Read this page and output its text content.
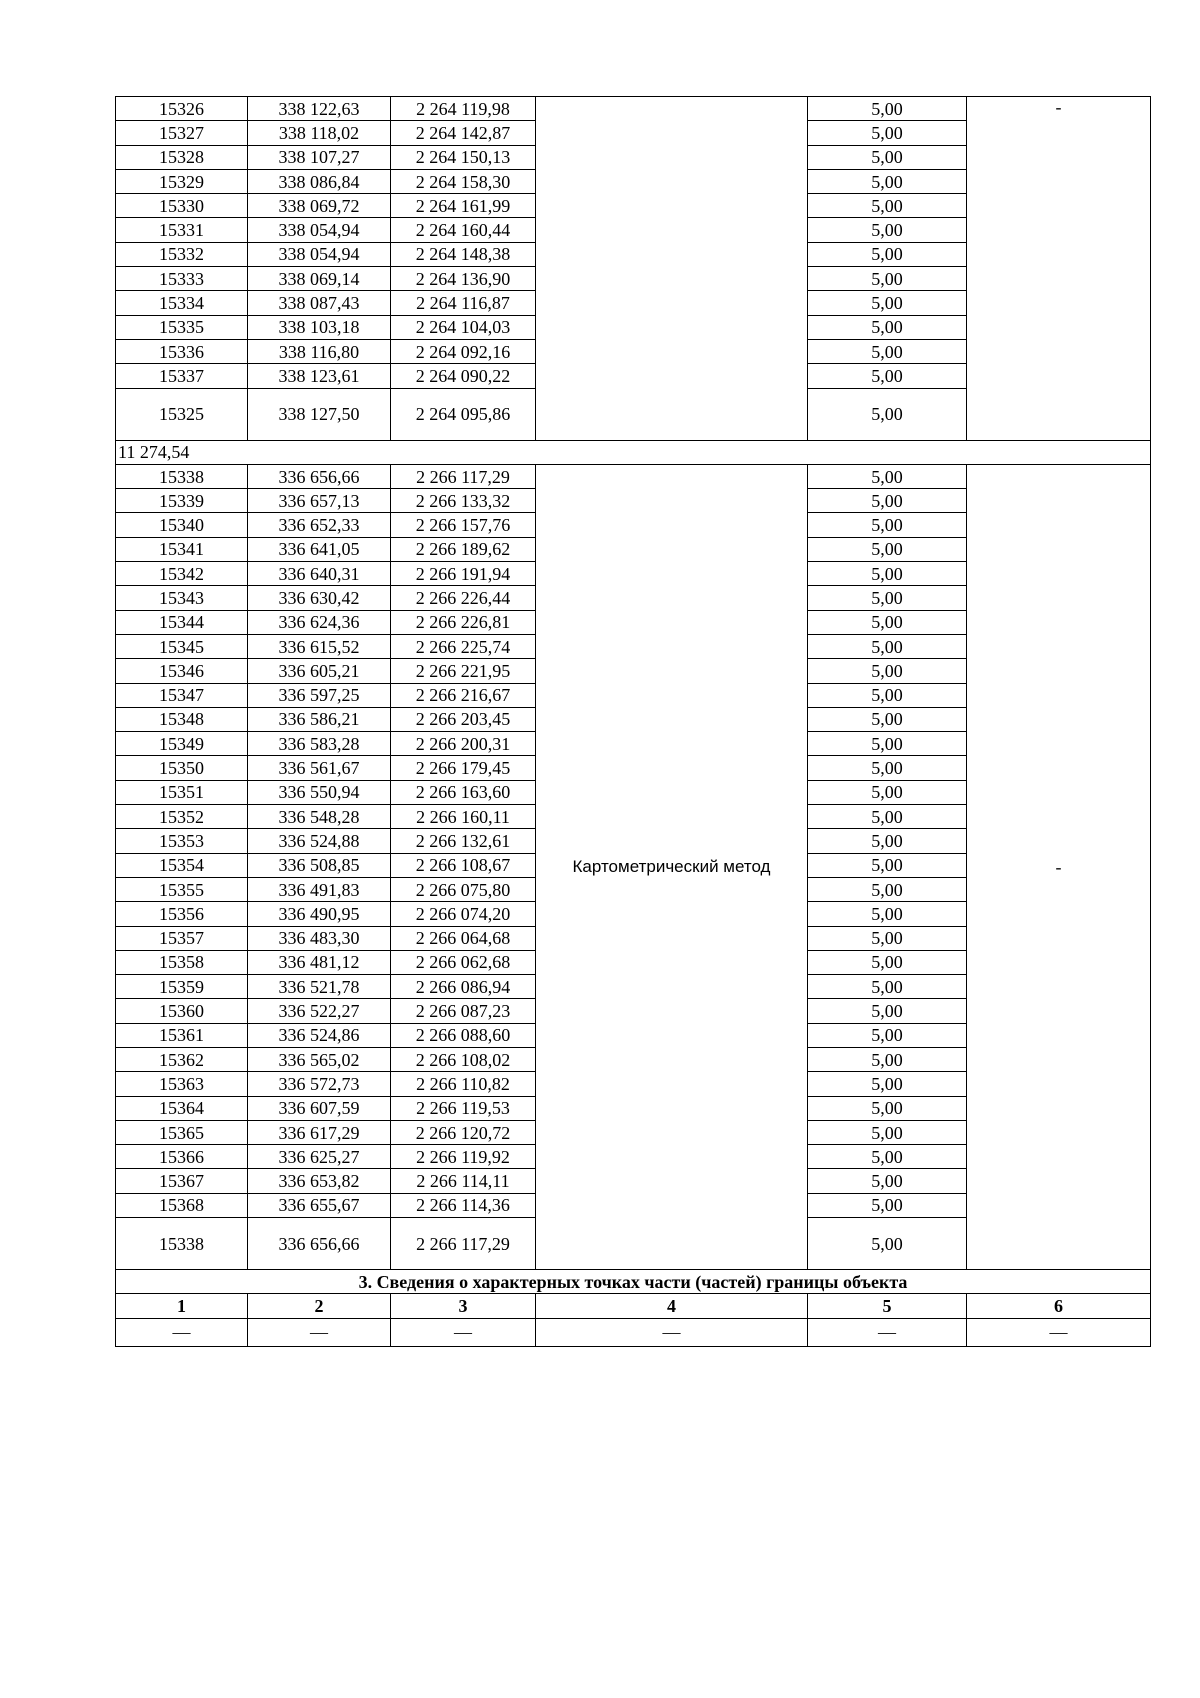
15326	338 122,63	2 264 119,98		5,00	-
15327	338 118,02	2 264 142,87		5,00	
15328	338 107,27	2 264 150,13		5,00	
15329	338 086,84	2 264 158,30		5,00	
15330	338 069,72	2 264 161,99		5,00	
15331	338 054,94	2 264 160,44		5,00	
15332	338 054,94	2 264 148,38		5,00	
15333	338 069,14	2 264 136,90		5,00	
15334	338 087,43	2 264 116,87		5,00	
15335	338 103,18	2 264 104,03		5,00	
15336	338 116,80	2 264 092,16		5,00	
15337	338 123,61	2 264 090,22		5,00	
15325	338 127,50	2 264 095,86		5,00	
11 274,54					
15338	336 656,66	2 266 117,29	Картометрический метод	5,00	-
15339	336 657,13	2 266 133,32		5,00	
15340	336 652,33	2 266 157,76		5,00	
15341	336 641,05	2 266 189,62		5,00	
15342	336 640,31	2 266 191,94		5,00	
15343	336 630,42	2 266 226,44		5,00	
15344	336 624,36	2 266 226,81		5,00	
15345	336 615,52	2 266 225,74		5,00	
15346	336 605,21	2 266 221,95		5,00	
15347	336 597,25	2 266 216,67		5,00	
15348	336 586,21	2 266 203,45		5,00	
15349	336 583,28	2 266 200,31		5,00	
15350	336 561,67	2 266 179,45		5,00	
15351	336 550,94	2 266 163,60		5,00	
15352	336 548,28	2 266 160,11		5,00	
15353	336 524,88	2 266 132,61		5,00	
15354	336 508,85	2 266 108,67		5,00	
15355	336 491,83	2 266 075,80		5,00	
15356	336 490,95	2 266 074,20		5,00	
15357	336 483,30	2 266 064,68		5,00	
15358	336 481,12	2 266 062,68		5,00	
15359	336 521,78	2 266 086,94		5,00	
15360	336 522,27	2 266 087,23		5,00	
15361	336 524,86	2 266 088,60		5,00	
15362	336 565,02	2 266 108,02		5,00	
15363	336 572,73	2 266 110,82		5,00	
15364	336 607,59	2 266 119,53		5,00	
15365	336 617,29	2 266 120,72		5,00	
15366	336 625,27	2 266 119,92		5,00	
15367	336 653,82	2 266 114,11		5,00	
15368	336 655,67	2 266 114,36		5,00	
15338	336 656,66	2 266 117,29		5,00	
3. Сведения о характерных точках части (частей) границы объекта					
1	2	3	4	5	6
—	—	—	—	—	—
